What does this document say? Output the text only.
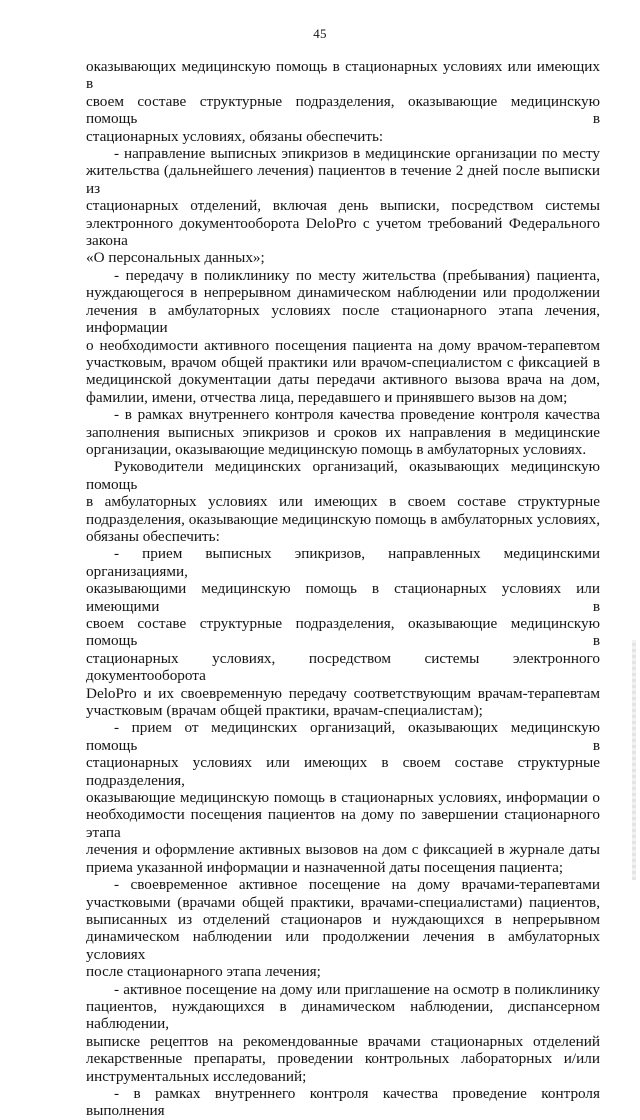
45

оказывающих медицинскую помощь в стационарных условиях или имеющих в
своем составе структурные подразделения, оказывающие медицинскую помощь в
стационарных условиях, обязаны обеспечить:

- направление выписных эпикризов в медицинские организации по месту
жительства (дальнейшего лечения) пациентов в течение 2 дней после выписки из
стационарных отделений, включая день выписки, посредством системы
электронного документооборота DeloPro с учетом требований Федерального закона
«О персональных данных»;

- передачу в поликлинику по месту жительства (пребывания) пациента,
нуждающегося в непрерывном динамическом наблюдении или продолжении
лечения в амбулаторных условиях после стационарного этапа лечения, информации
о необходимости активного посещения пациента на дому врачом-терапевтом
участковым, врачом общей практики или врачом-специалистом с фиксацией в
медицинской документации даты передачи активного вызова врача на дом,
фамилии, имени, отчества лица, передавшего и принявшего вызов на дом;

- в рамках внутреннего контроля качества проведение контроля качества
заполнения выписных эпикризов и сроков их направления в медицинские
организации, оказывающие медицинскую помощь в амбулаторных условиях.

Руководители медицинских организаций, оказывающих медицинскую помощь
в амбулаторных условиях или имеющих в своем составе структурные
подразделения, оказывающие медицинскую помощь в амбулаторных условиях,
обязаны обеспечить:

- прием выписных эпикризов, направленных медицинскими организациями,
оказывающими медицинскую помощь в стационарных условиях или имеющими в
своем составе структурные подразделения, оказывающие медицинскую помощь в
стационарных условиях, посредством системы электронного документооборота
DeloPro и их своевременную передачу соответствующим врачам-терапевтам
участковым (врачам общей практики, врачам-специалистам);

- прием от медицинских организаций, оказывающих медицинскую помощь в
стационарных условиях или имеющих в своем составе структурные подразделения,
оказывающие медицинскую помощь в стационарных условиях, информации о
необходимости посещения пациентов на дому по завершении стационарного этапа
лечения и оформление активных вызовов на дом с фиксацией в журнале даты
приема указанной информации и назначенной даты посещения пациента;

- своевременное активное посещение на дому врачами-терапевтами
участковыми (врачами общей практики, врачами-специалистами) пациентов,
выписанных из отделений стационаров и нуждающихся в непрерывном
динамическом наблюдении или продолжении лечения в амбулаторных условиях
после стационарного этапа лечения;

- активное посещение на дому или приглашение на осмотр в поликлинику
пациентов, нуждающихся в динамическом наблюдении, диспансерном наблюдении,
выписке рецептов на рекомендованные врачами стационарных отделений
лекарственные препараты, проведении контрольных лабораторных и/или
инструментальных исследований;

- в рамках внутреннего контроля качества проведение контроля выполнения
